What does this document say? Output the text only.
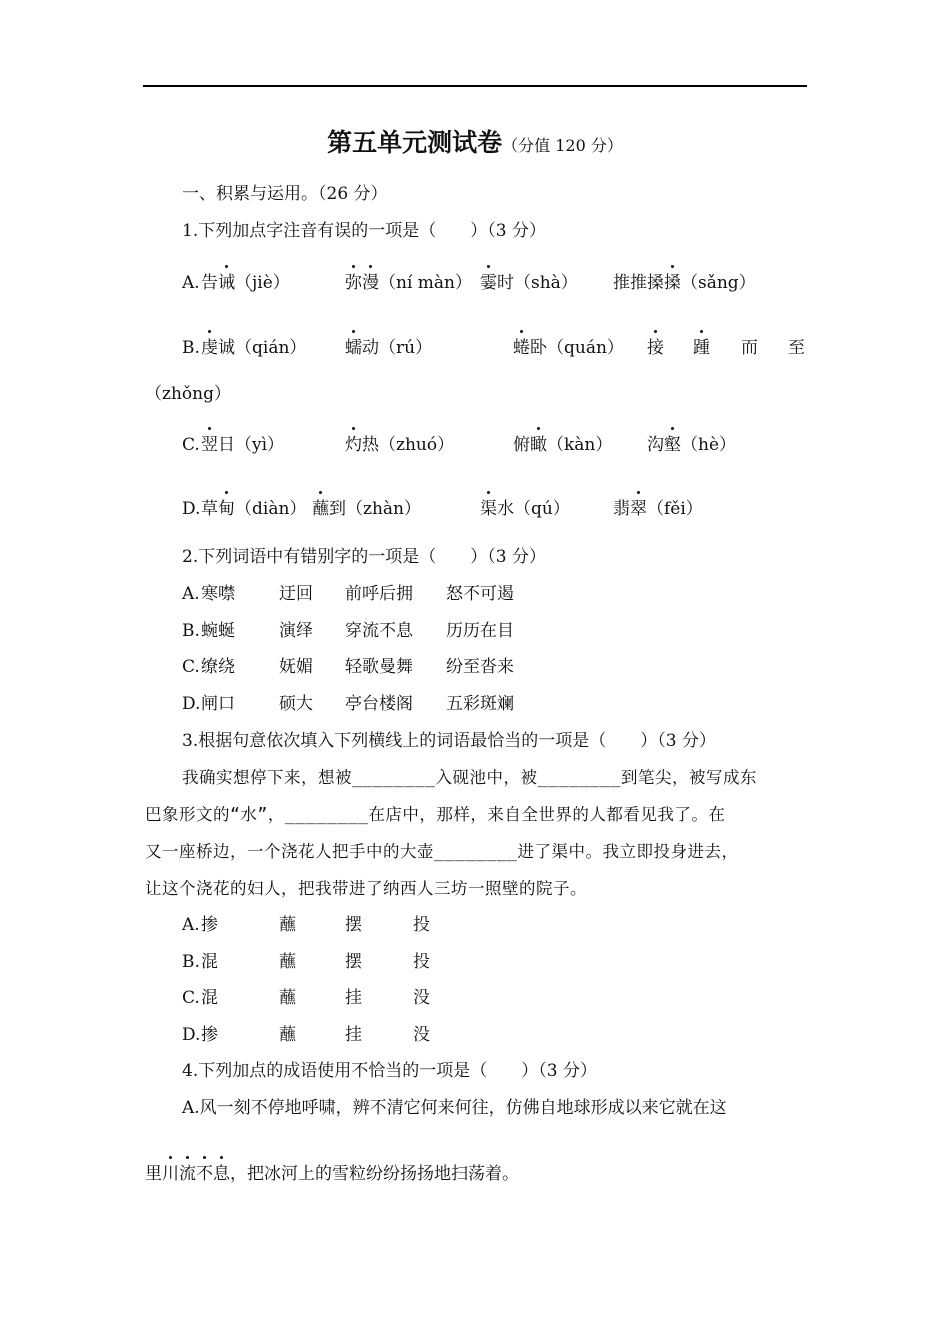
第五单元测试卷（分值 120 分）
一、积累与运用。（26 分）
1.下列加点字注音有误的一项是（　　）（3 分）
A. 告诫（jiè）	弥漫（ní màn） 霎时（shà） 推推搡搡（sǎng）
B. 虔诚（qián） 蠕动（rú）	蜷卧（quán） 接 踵 而 至
（zhǒng）
C. 翌日（yì）	灼热（zhuó）	俯瞰（kàn） 沟壑（hè）
D. 草甸（diàn） 蘸到（zhàn）	渠水（qú）	翡翠（fěi）
2.下列词语中有错别字的一项是（　　）（3 分）
A. 寒噤	迂回 前呼后拥 怒不可遏
B. 蜿蜒	演绎 穿流不息 历历在目
C. 缭绕	妩媚 轻歌曼舞 纷至沓来
D. 闸口	硕大 亭台楼阁 五彩斑斓
3.根据句意依次填入下列横线上的词语最恰当的一项是（　　）（3 分）
我确实想停下来，想被________入砚池中，被________到笔尖，被写成东
巴象形文的“水”，________在店中，那样，来自全世界的人都看见我了。在
又一座桥边，一个浇花人把手中的大壶________进了渠中。我立即投身进去，
让这个浇花的妇人，把我带进了纳西人三坊一照壁的院子。
A. 掺	蘸	摆	投
B. 混	蘸	摆	投
C. 混	蘸	挂	没
D. 掺	蘸	挂	没
4.下列加点的成语使用不恰当的一项是（　　）（3 分）
A.风一刻不停地呼啸，辨不清它何来何往，仿佛自地球形成以来它就在这
里川流不息，把冰河上的雪粒纷纷扬扬地扫荡着。
